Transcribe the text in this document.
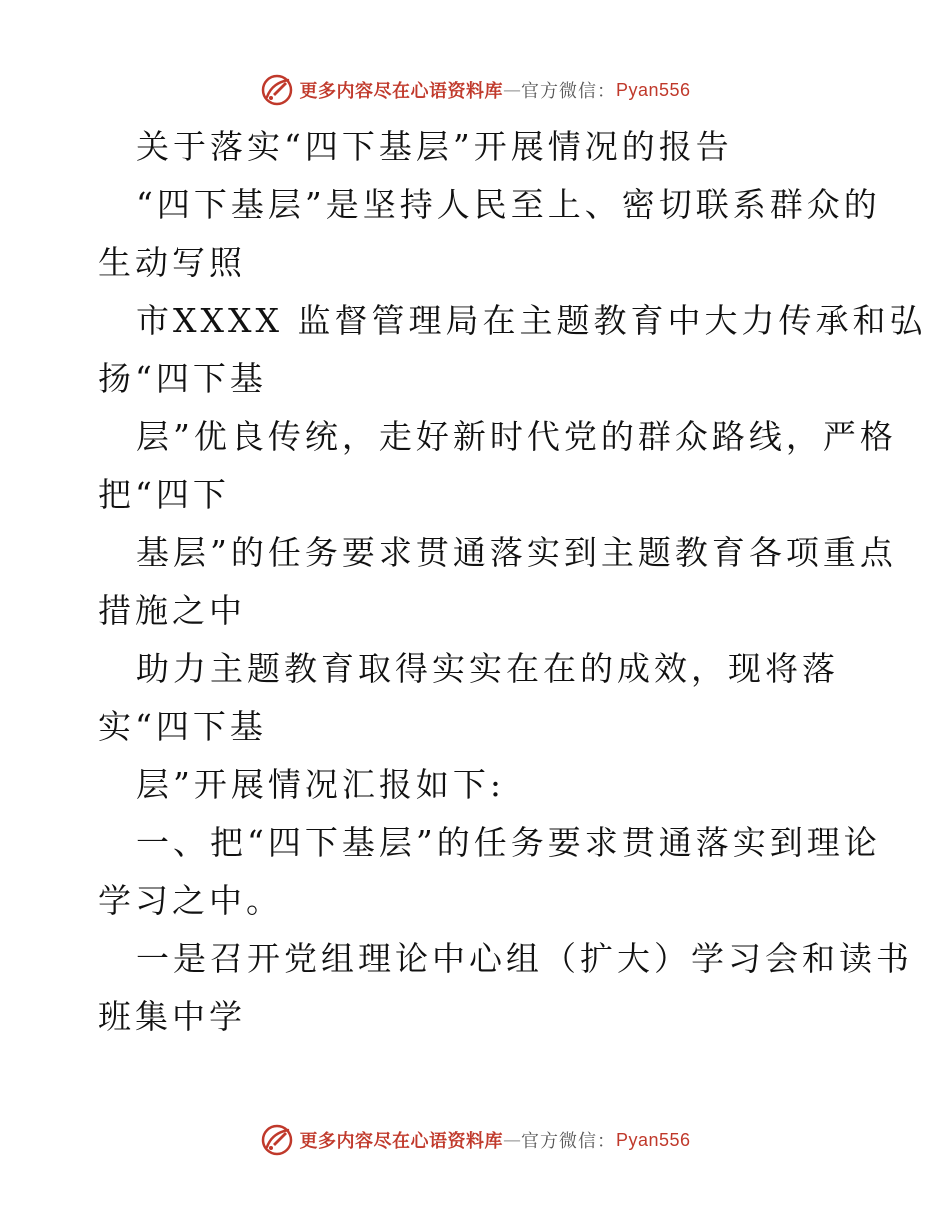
更多内容尽在心语资料库 — 官方微信： Pyan556
关于落实“四下基层”开展情况的报告
“四下基层”是坚持人民至上、密切联系群众的
生动写照
市XXXX 监督管理局在主题教育中大力传承和弘
扬“四下基
层”优良传统，走好新时代党的群众路线，严格
把“四下
基层”的任务要求贯通落实到主题教育各项重点
措施之中
助力主题教育取得实实在在的成效，现将落
实“四下基
层”开展情况汇报如下:
一、把“四下基层”的任务要求贯通落实到理论
学习之中。
一是召开党组理论中心组（扩大）学习会和读书
班集中学
更多内容尽在心语资料库 — 官方微信： Pyan556
